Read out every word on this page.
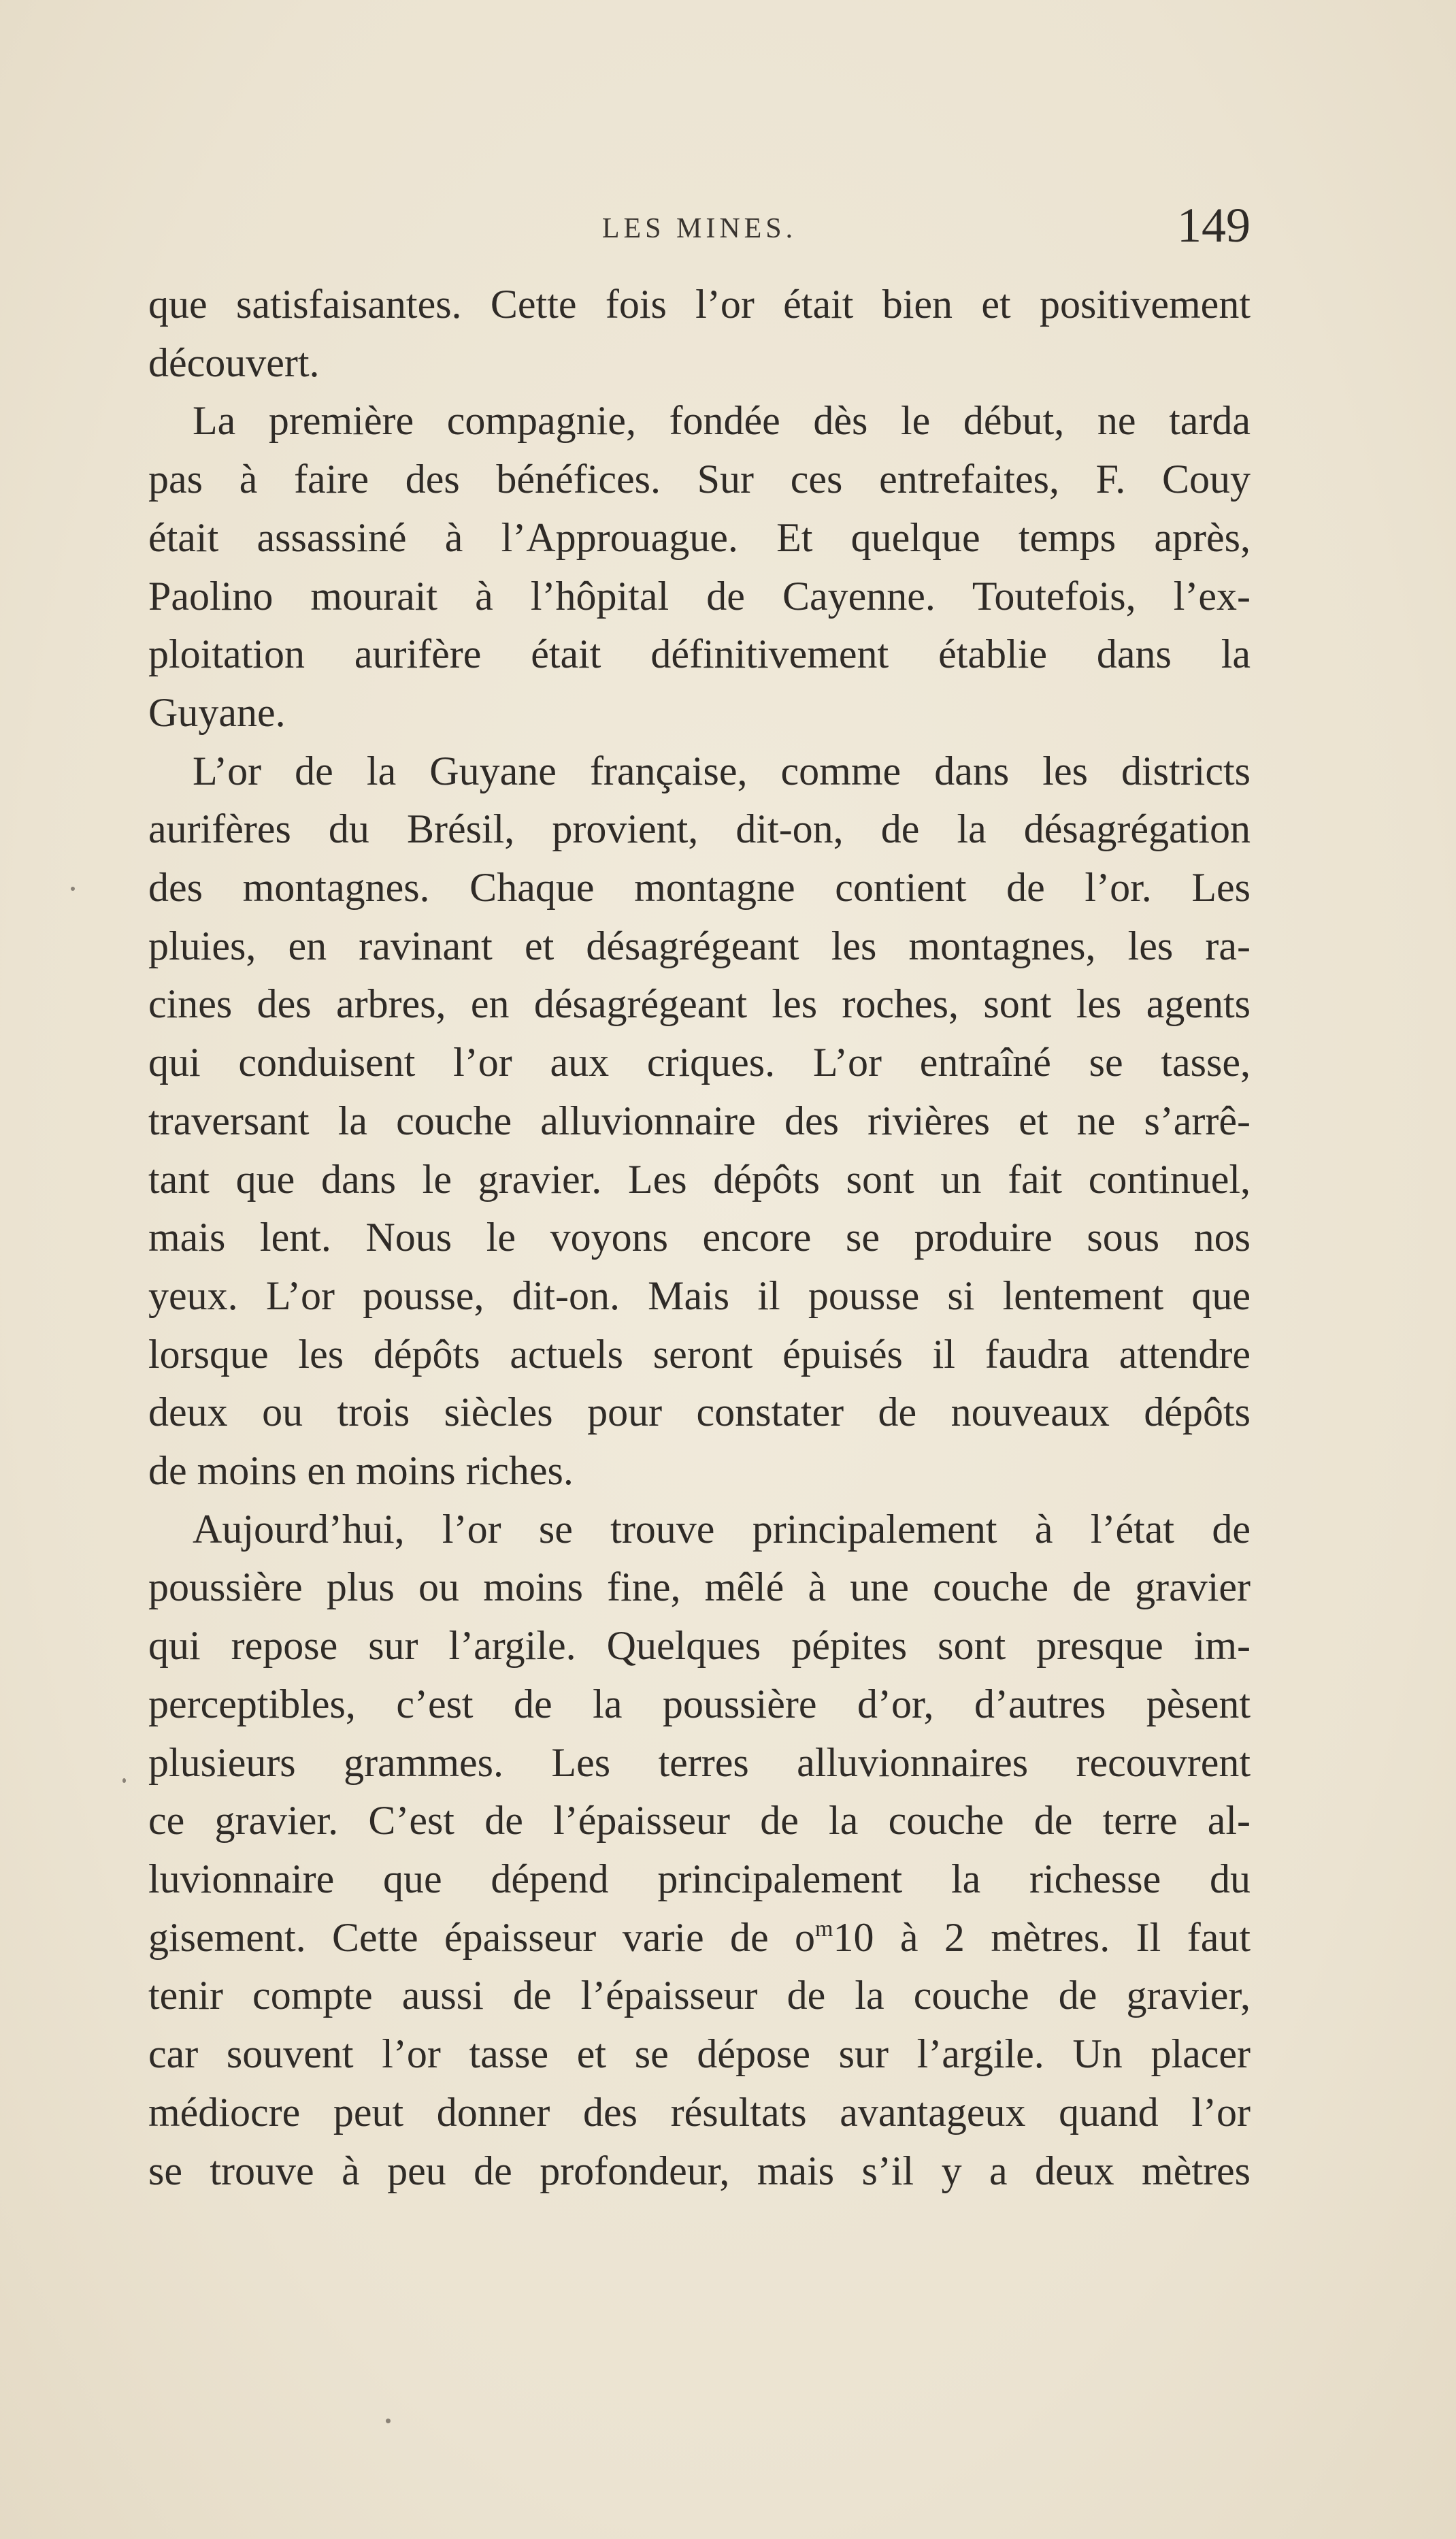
LES MINES.	149

que satisfaisantes. Cette fois l’or était bien et positivement

découvert.

La première compagnie, fondée dès le début, ne tarda

pas à faire des bénéfices. Sur ces entrefaites, F. Couy

était assassiné à l’Approuague. Et quelque temps après,

Paolino mourait à l’hôpital de Cayenne. Toutefois, l’ex-

ploitation aurifère était définitivement établie dans la

Guyane.

L’or de la Guyane française, comme dans les districts

aurifères du Brésil, provient, dit-on, de la désagrégation

des montagnes. Chaque montagne contient de l’or. Les

pluies, en ravinant et désagrégeant les montagnes, les ra-

cines des arbres, en désagrégeant les roches, sont les agents

qui conduisent l’or aux criques. L’or entraîné se tasse,

traversant la couche alluvionnaire des rivières et ne s’arrê-

tant que dans le gravier. Les dépôts sont un fait continuel,

mais lent. Nous le voyons encore se produire sous nos

yeux. L’or pousse, dit-on. Mais il pousse si lentement que

lorsque les dépôts actuels seront épuisés il faudra attendre

deux ou trois siècles pour constater de nouveaux dépôts

de moins en moins riches.

Aujourd’hui, l’or se trouve principalement à l’état de

poussière plus ou moins fine, mêlé à une couche de gravier

qui repose sur l’argile. Quelques pépites sont presque im-

perceptibles, c’est de la poussière d’or, d’autres pèsent

plusieurs grammes. Les terres alluvionnaires recouvrent

ce gravier. C’est de l’épaisseur de la couche de terre al-

luvionnaire que dépend principalement la richesse du

gisement. Cette épaisseur varie de $o^m10$ à 2 mètres. Il faut

tenir compte aussi de l’épaisseur de la couche de gravier,

car souvent l’or tasse et se dépose sur l’argile. Un placer

médiocre peut donner des résultats avantageux quand l’or

se trouve à peu de profondeur, mais s’il y a deux mètres
